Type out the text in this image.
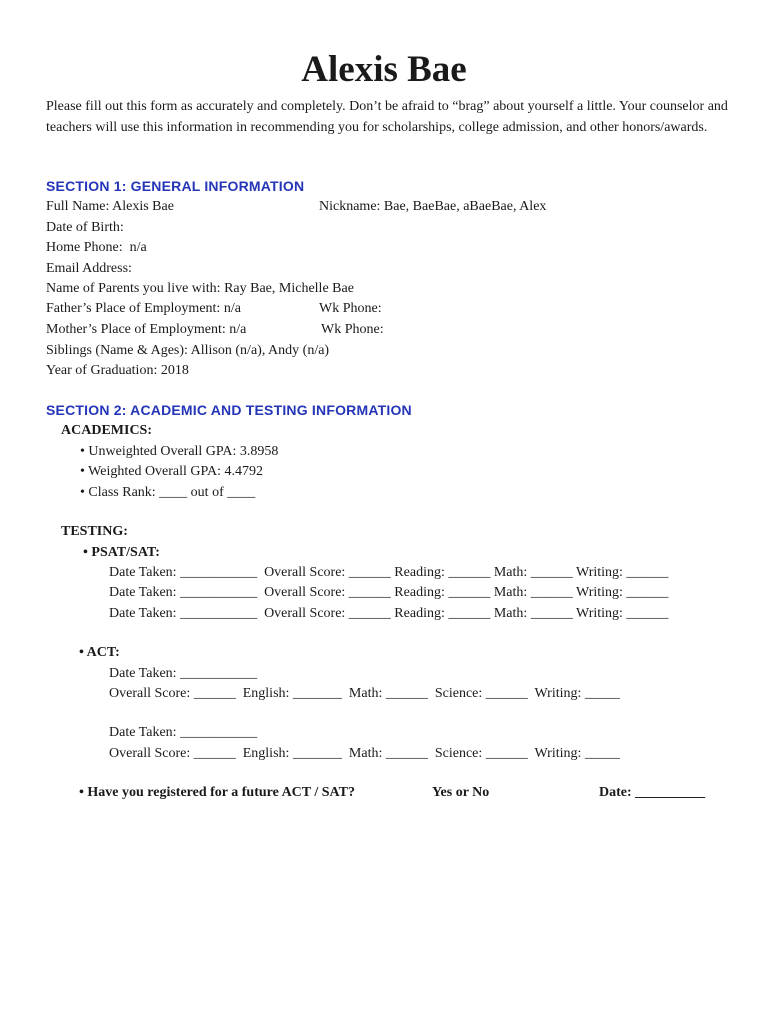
Alexis Bae
Please fill out this form as accurately and completely. Don’t be afraid to “brag” about yourself a little. Your counselor and teachers will use this information in recommending you for scholarships, college admission, and other honors/awards.
SECTION 1: GENERAL INFORMATION
Full Name: Alexis Bae	Nickname: Bae, BaeBae, aBaeBae, Alex
Date of Birth:
Home Phone:  n/a
Email Address:
Name of Parents you live with: Ray Bae, Michelle Bae
Father’s Place of Employment: n/a	Wk Phone:
Mother’s Place of Employment: n/a	Wk Phone:
Siblings (Name & Ages): Allison (n/a), Andy (n/a)
Year of Graduation: 2018
SECTION 2: ACADEMIC AND TESTING INFORMATION
ACADEMICS:
• Unweighted Overall GPA: 3.8958
• Weighted Overall GPA: 4.4792
• Class Rank: ____ out of ____
TESTING:
• PSAT/SAT:
Date Taken: ___________  Overall Score: ______ Reading: ______ Math: ______ Writing: ______
Date Taken: ___________  Overall Score: ______ Reading: ______ Math: ______ Writing: ______
Date Taken: ___________  Overall Score: ______ Reading: ______ Math: ______ Writing: ______
• ACT:
Date Taken: ___________
Overall Score: ______  English: _______  Math: ______  Science: ______  Writing: _____
Date Taken: ___________
Overall Score: ______  English: _______  Math: ______  Science: ______  Writing: _____
• Have you registered for a future ACT / SAT?	Yes or No	Date: __________
